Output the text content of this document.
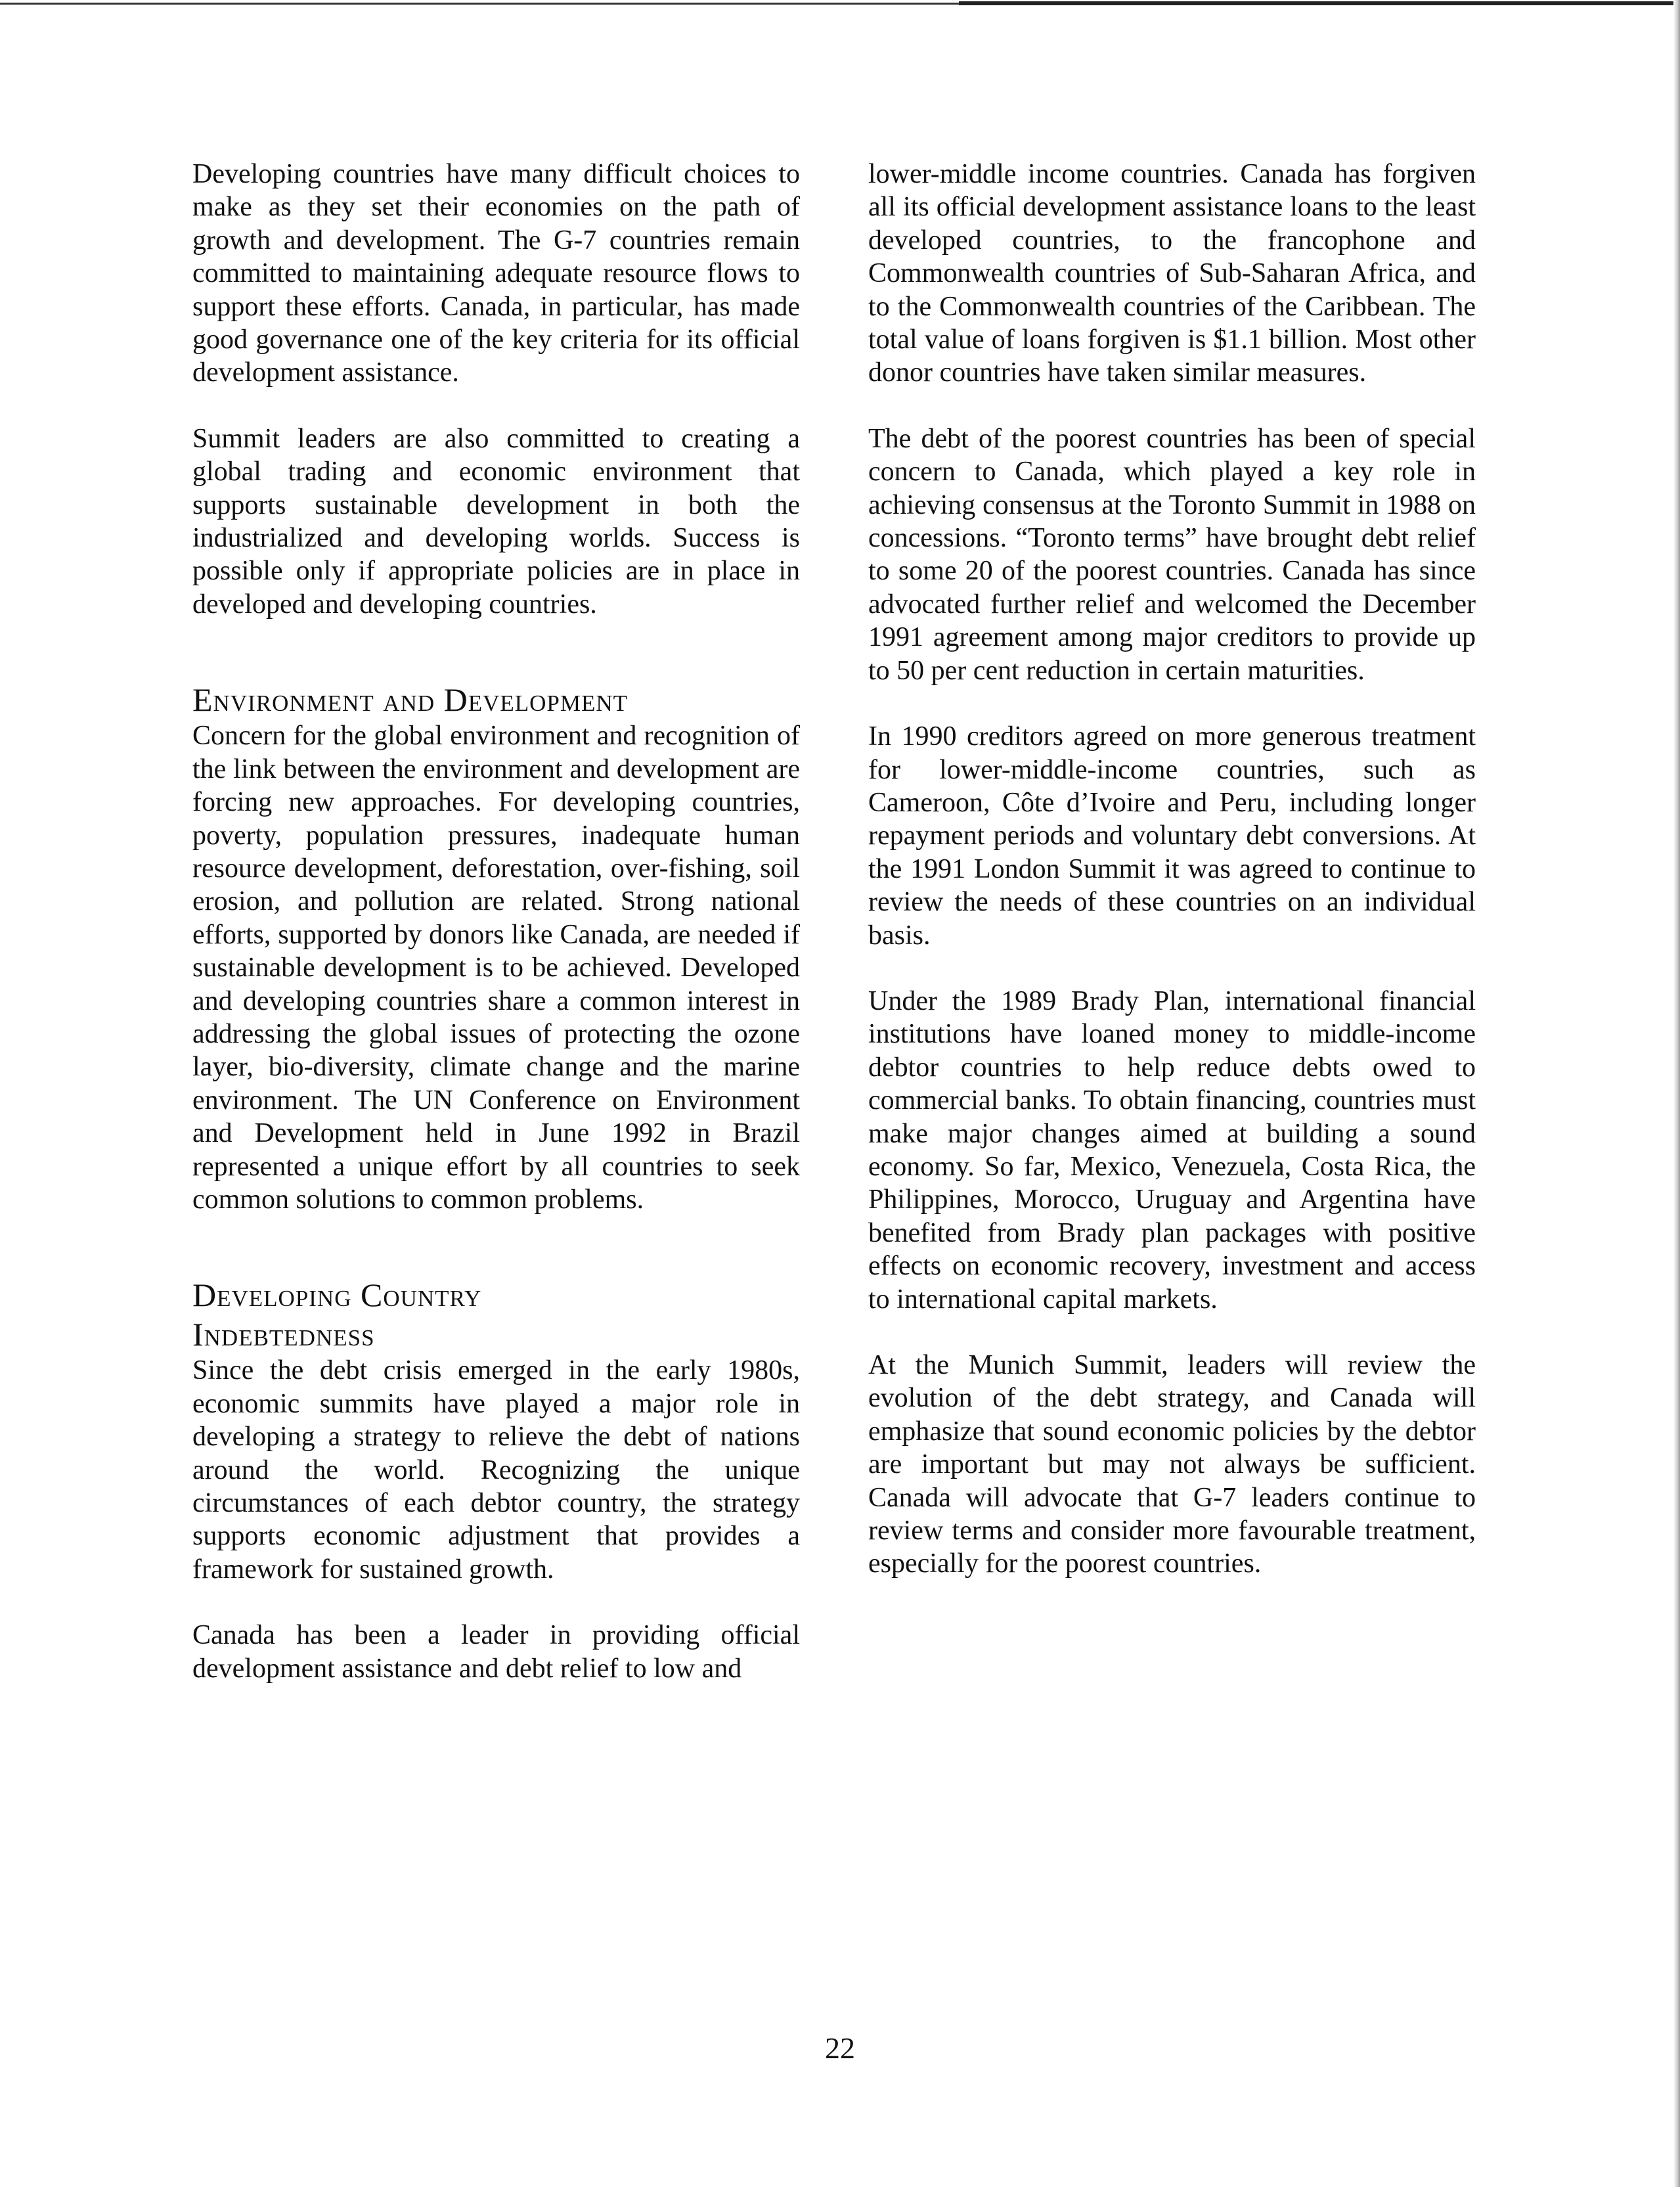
Developing countries have many difficult choices to make as they set their economies on the path of growth and development. The G-7 countries remain committed to maintaining adequate resource flows to support these efforts. Canada, in particular, has made good governance one of the key criteria for its official development assistance.

Summit leaders are also committed to creating a global trading and economic environment that supports sustainable development in both the industrialized and developing worlds. Success is possible only if appropriate policies are in place in developed and developing countries.

Environment and Development

Concern for the global environment and recognition of the link between the environment and development are forcing new approaches. For developing countries, poverty, population pressures, inadequate human resource development, deforestation, over-fishing, soil erosion, and pollution are related. Strong national efforts, supported by donors like Canada, are needed if sustainable development is to be achieved. Developed and developing countries share a common interest in addressing the global issues of protecting the ozone layer, bio-diversity, climate change and the marine environment. The UN Conference on Environment and Development held in June 1992 in Brazil represented a unique effort by all countries to seek common solutions to common problems.

Developing Country
Indebtedness

Since the debt crisis emerged in the early 1980s, economic summits have played a major role in developing a strategy to relieve the debt of nations around the world. Recognizing the unique circumstances of each debtor country, the strategy supports economic adjustment that provides a framework for sustained growth.

Canada has been a leader in providing official development assistance and debt relief to low and

lower-middle income countries. Canada has forgiven all its official development assistance loans to the least developed countries, to the francophone and Commonwealth countries of Sub-Saharan Africa, and to the Commonwealth countries of the Caribbean. The total value of loans forgiven is $1.1 billion. Most other donor countries have taken similar measures.

The debt of the poorest countries has been of special concern to Canada, which played a key role in achieving consensus at the Toronto Summit in 1988 on concessions. “Toronto terms” have brought debt relief to some 20 of the poorest countries. Canada has since advocated further relief and welcomed the December 1991 agreement among major creditors to provide up to 50 per cent reduction in certain maturities.

In 1990 creditors agreed on more generous treatment for lower-middle-income countries, such as Cameroon, Côte d’Ivoire and Peru, including longer repayment periods and voluntary debt conversions. At the 1991 London Summit it was agreed to continue to review the needs of these countries on an individual basis.

Under the 1989 Brady Plan, international financial institutions have loaned money to middle-income debtor countries to help reduce debts owed to commercial banks. To obtain financing, countries must make major changes aimed at building a sound economy. So far, Mexico, Venezuela, Costa Rica, the Philippines, Morocco, Uruguay and Argentina have benefited from Brady plan packages with positive effects on economic recovery, investment and access to international capital markets.

At the Munich Summit, leaders will review the evolution of the debt strategy, and Canada will emphasize that sound economic policies by the debtor are important but may not always be sufficient. Canada will advocate that G-7 leaders continue to review terms and consider more favourable treatment, especially for the poorest countries.

22
